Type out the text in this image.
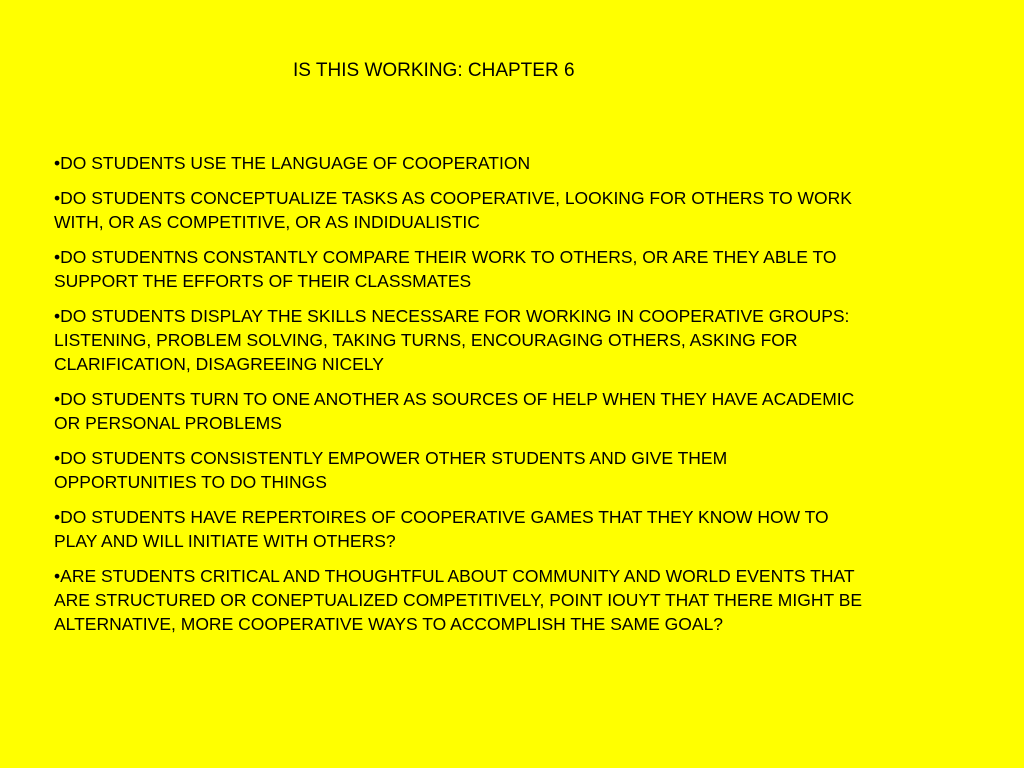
IS THIS WORKING: CHAPTER 6
•DO STUDENTS USE THE LANGUAGE OF COOPERATION
•DO STUDENTS CONCEPTUALIZE TASKS AS COOPERATIVE, LOOKING FOR OTHERS TO WORK WITH, OR AS COMPETITIVE, OR AS INDIDUALISTIC
•DO STUDENTNS CONSTANTLY COMPARE THEIR WORK TO OTHERS, OR ARE THEY ABLE TO SUPPORT THE EFFORTS OF THEIR CLASSMATES
•DO STUDENTS DISPLAY THE SKILLS NECESSARE FOR WORKING IN COOPERATIVE GROUPS: LISTENING, PROBLEM SOLVING, TAKING TURNS, ENCOURAGING OTHERS, ASKING FOR CLARIFICATION, DISAGREEING NICELY
•DO STUDENTS TURN TO ONE ANOTHER AS SOURCES OF HELP WHEN THEY HAVE ACADEMIC OR PERSONAL PROBLEMS
•DO STUDENTS CONSISTENTLY EMPOWER OTHER STUDENTS AND GIVE THEM OPPORTUNITIES TO DO THINGS
•DO STUDENTS HAVE REPERTOIRES OF COOPERATIVE GAMES THAT THEY KNOW HOW TO PLAY AND WILL INITIATE WITH OTHERS?
•ARE STUDENTS CRITICAL AND THOUGHTFUL ABOUT COMMUNITY AND WORLD EVENTS THAT ARE STRUCTURED OR CONEPTUALIZED COMPETITIVELY, POINT IOUYT THAT THERE MIGHT BE ALTERNATIVE, MORE COOPERATIVE WAYS TO ACCOMPLISH THE SAME GOAL?
